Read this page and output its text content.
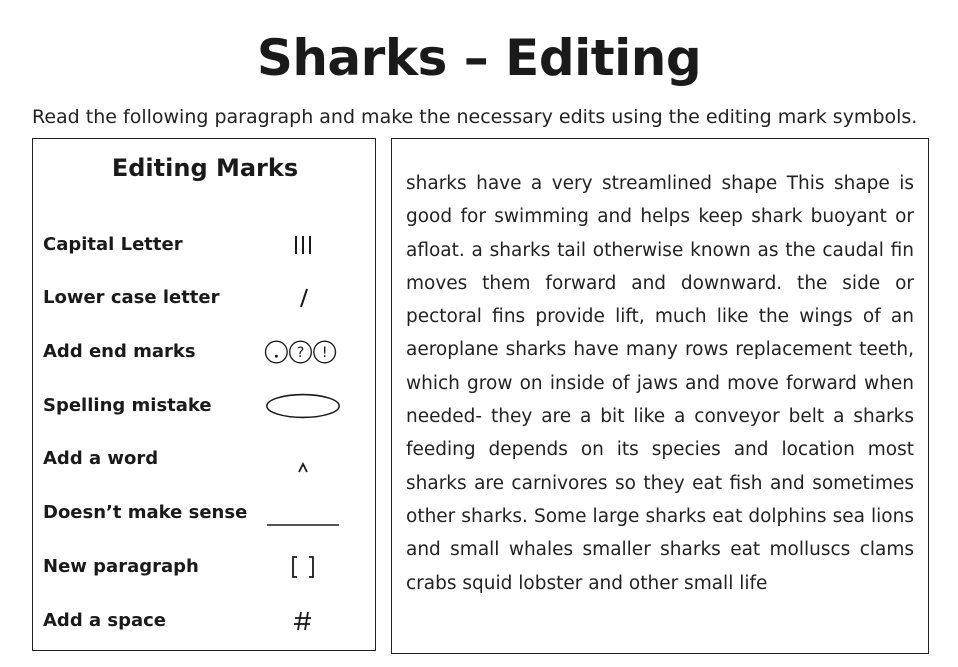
Sharks – Editing
Read the following paragraph and make the necessary edits using the editing mark symbols.
Editing Marks
Capital Letter
Lower case letter
Add end marks	? !
Spelling mistake
Add a word
Doesn’t make sense
New paragraph
Add a space
sharks have a very streamlined shape This shape is good for swimming and helps keep shark buoyant or afloat. a sharks tail otherwise known as the caudal fin moves them forward and downward. the side or pectoral fins provide lift, much like the wings of an aeroplane sharks have many rows replacement teeth, which grow on inside of jaws and move forward when needed- they are a bit like a conveyor belt a sharks feeding depends on its species and location most sharks are carnivores so they eat fish and sometimes other sharks. Some large sharks eat dolphins sea lions and small whales smaller sharks eat molluscs clams crabs squid lobster and other small life
